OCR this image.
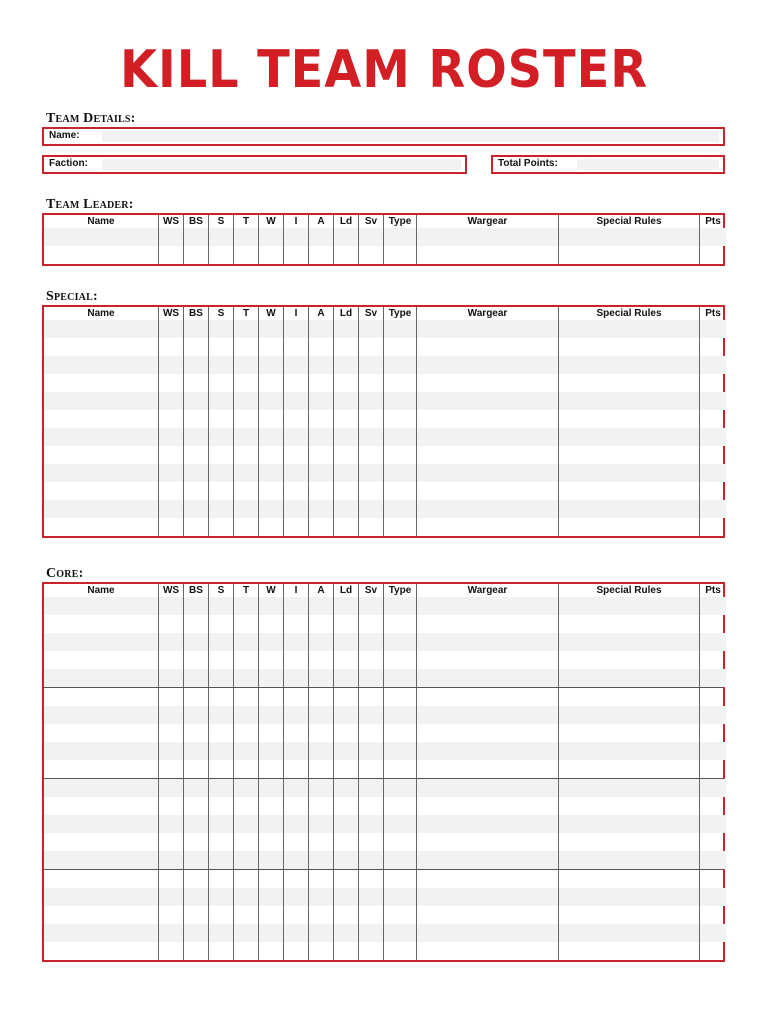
KILL TEAM ROSTER
Team Details:
Name:
Faction:	Total Points:
Team Leader:
Name	WS	BS	S	T	W	I	A	Ld	Sv	Type	Wargear	Special Rules	Pts
Special:
Name	WS	BS	S	T	W	I	A	Ld	Sv	Type	Wargear	Special Rules	Pts
Core:
Name	WS	BS	S	T	W	I	A	Ld	Sv	Type	Wargear	Special Rules	Pts
